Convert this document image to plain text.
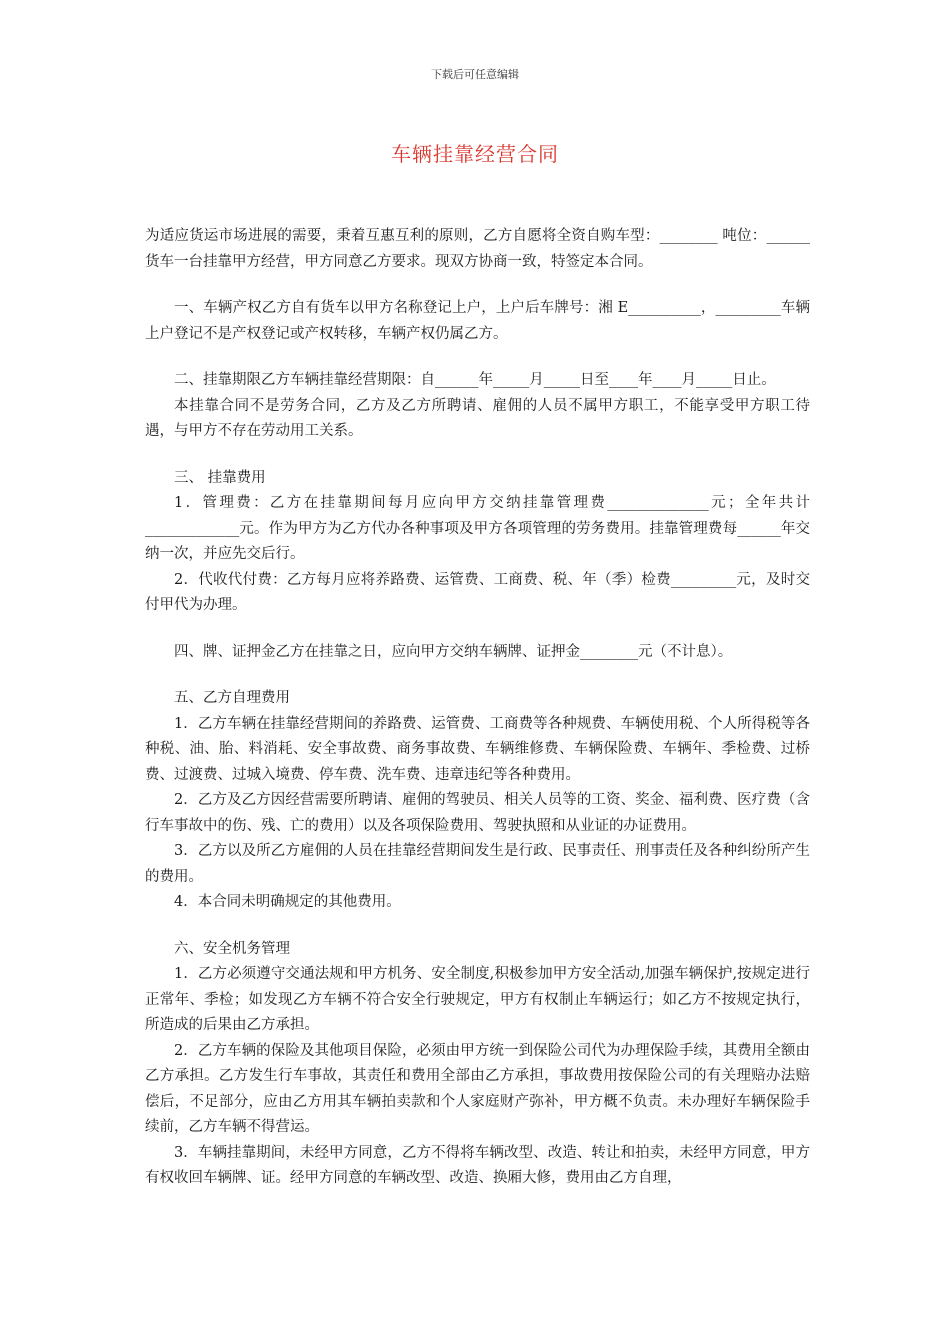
下载后可任意编辑
车辆挂靠经营合同

为适应货运市场进展的需要，秉着互惠互利的原则，乙方自愿将全资自购车型：________ 吨位：______货车一台挂靠甲方经营，甲方同意乙方要求。现双方协商一致，特签定本合同。

一、车辆产权乙方自有货车以甲方名称登记上户，上户后车牌号：湘 E__________，_________车辆上户登记不是产权登记或产权转移，车辆产权仍属乙方。

二、挂靠期限乙方车辆挂靠经营期限：自______年_____月_____日至____年____月_____日止。

本挂靠合同不是劳务合同，乙方及乙方所聘请、雇佣的人员不属甲方职工，不能享受甲方职工待遇，与甲方不存在劳动用工关系。

三、 挂靠费用

1．管理费：乙方在挂靠期间每月应向甲方交纳挂靠管理费______________元；全年共计_____________元。作为甲方为乙方代办各种事项及甲方各项管理的劳务费用。挂靠管理费每______年交纳一次，并应先交后行。

2．代收代付费：乙方每月应将养路费、运管费、工商费、税、年（季）检费_________元，及时交付甲代为办理。

四、牌、证押金乙方在挂靠之日，应向甲方交纳车辆牌、证押金________元（不计息）。

五、乙方自理费用

1．乙方车辆在挂靠经营期间的养路费、运管费、工商费等各种规费、车辆使用税、个人所得税等各种税、油、胎、料消耗、安全事故费、商务事故费、车辆维修费、车辆保险费、车辆年、季检费、过桥费、过渡费、过城入境费、停车费、洗车费、违章违纪等各种费用。

2．乙方及乙方因经营需要所聘请、雇佣的驾驶员、相关人员等的工资、奖金、福利费、医疗费（含行车事故中的伤、残、亡的费用）以及各项保险费用、驾驶执照和从业证的办证费用。

3．乙方以及所乙方雇佣的人员在挂靠经营期间发生是行政、民事责任、刑事责任及各种纠纷所产生的费用。

4．本合同未明确规定的其他费用。

六、安全机务管理

1．乙方必须遵守交通法规和甲方机务、安全制度,积极参加甲方安全活动,加强车辆保护,按规定进行正常年、季检；如发现乙方车辆不符合安全行驶规定，甲方有权制止车辆运行；如乙方不按规定执行，所造成的后果由乙方承担。

2．乙方车辆的保险及其他项目保险，必须由甲方统一到保险公司代为办理保险手续，其费用全额由乙方承担。乙方发生行车事故，其责任和费用全部由乙方承担，事故费用按保险公司的有关理赔办法赔偿后，不足部分，应由乙方用其车辆拍卖款和个人家庭财产弥补，甲方概不负责。未办理好车辆保险手续前，乙方车辆不得营运。

3．车辆挂靠期间，未经甲方同意，乙方不得将车辆改型、改造、转让和拍卖，未经甲方同意，甲方有权收回车辆牌、证。经甲方同意的车辆改型、改造、换厢大修，费用由乙方自理，
